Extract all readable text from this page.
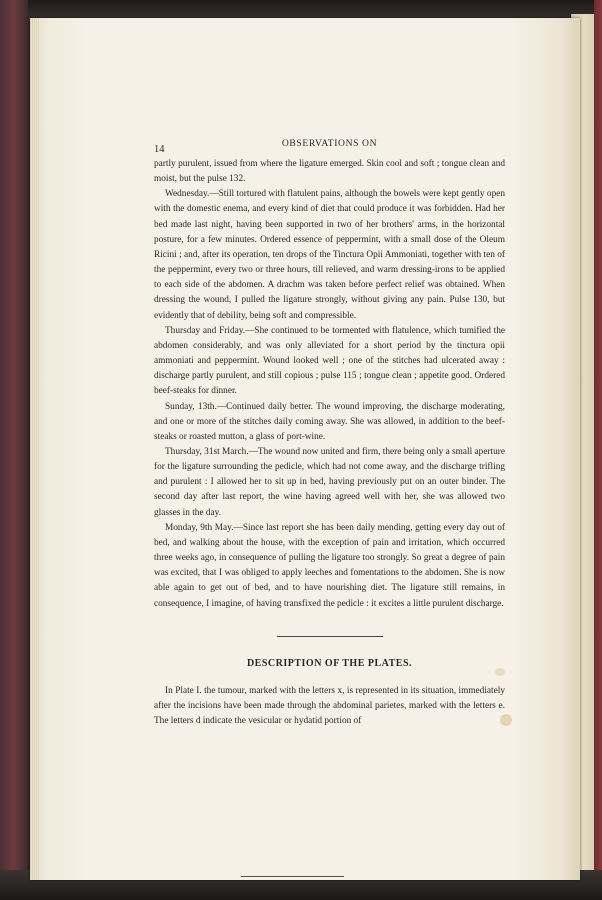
14
OBSERVATIONS ON

partly purulent, issued from where the ligature emerged. Skin cool and soft ; tongue clean and moist, but the pulse 132.

Wednesday.—Still tortured with flatulent pains, although the bowels were kept gently open with the domestic enema, and every kind of diet that could produce it was forbidden. Had her bed made last night, having been supported in two of her brothers' arms, in the horizontal posture, for a few minutes. Ordered essence of peppermint, with a small dose of the Oleum Ricini ; and, after its operation, ten drops of the Tinctura Opii Ammoniati, together with ten of the peppermint, every two or three hours, till relieved, and warm dressing-irons to be applied to each side of the abdomen. A drachm was taken before perfect relief was obtained. When dressing the wound, I pulled the ligature strongly, without giving any pain. Pulse 130, but evidently that of debility, being soft and compressible.

Thursday and Friday.—She continued to be tormented with flatulence, which tumified the abdomen considerably, and was only alleviated for a short period by the tinctura opii ammoniati and peppermint. Wound looked well ; one of the stitches had ulcerated away : discharge partly purulent, and still copious ; pulse 115 ; tongue clean ; appetite good. Ordered beef-steaks for dinner.

Sunday, 13th.—Continued daily better. The wound improving, the discharge moderating, and one or more of the stitches daily coming away. She was allowed, in addition to the beef-steaks or roasted mutton, a glass of port-wine.

Thursday, 31st March.—The wound now united and firm, there being only a small aperture for the ligature surrounding the pedicle, which had not come away, and the discharge trifling and purulent : I allowed her to sit up in bed, having previously put on an outer binder. The second day after last report, the wine having agreed well with her, she was allowed two glasses in the day.

Monday, 9th May.—Since last report she has been daily mending, getting every day out of bed, and walking about the house, with the exception of pain and irritation, which occurred three weeks ago, in consequence of pulling the ligature too strongly. So great a degree of pain was excited, that I was obliged to apply leeches and fomentations to the abdomen. She is now able again to get out of bed, and to have nourishing diet. The ligature still remains, in consequence, I imagine, of having transfixed the pedicle : it excites a little purulent discharge.

DESCRIPTION OF THE PLATES.

In Plate I. the tumour, marked with the letters x, is represented in its situation, immediately after the incisions have been made through the abdominal parietes, marked with the letters e. The letters d indicate the vesicular or hydatid portion of
